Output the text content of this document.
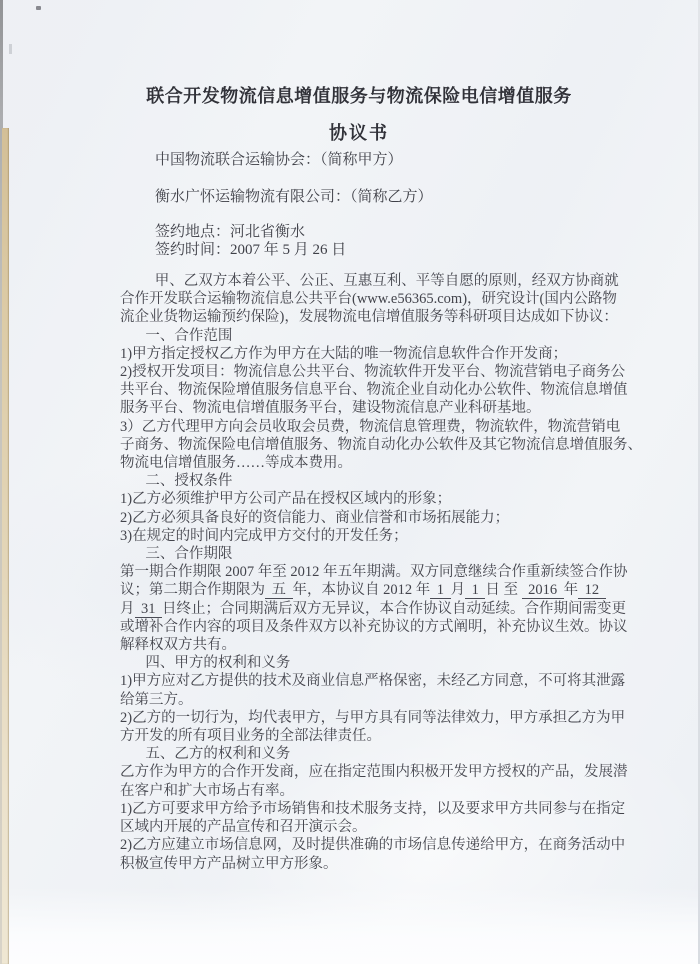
联合开发物流信息增值服务与物流保险电信增值服务
协议书
中国物流联合运输协会：（简称甲方）
衡水广怀运输物流有限公司：（简称乙方）
签约地点：河北省衡水
签约时间：2007 年 5 月 26 日
甲、乙双方本着公平、公正、互惠互利、平等自愿的原则，经双方协商就
合作开发联合运输物流信息公共平台(www.e56365.com)，研究设计(国内公路物
流企业货物运输预约保险)，发展物流电信增值服务等科研项目达成如下协议：
一、合作范围
1)甲方指定授权乙方作为甲方在大陆的唯一物流信息软件合作开发商；
2)授权开发项目：物流信息公共平台、物流软件开发平台、物流营销电子商务公
共平台、物流保险增值服务信息平台、物流企业自动化办公软件、物流信息增值
服务平台、物流电信增值服务平台，建设物流信息产业科研基地。
3）乙方代理甲方向会员收取会员费，物流信息管理费，物流软件，物流营销电
子商务、物流保险电信增值服务、物流自动化办公软件及其它物流信息增值服务、
物流电信增值服务……等成本费用。
二、授权条件
1)乙方必须维护甲方公司产品在授权区域内的形象；
2)乙方必须具备良好的资信能力、商业信誉和市场拓展能力；
3)在规定的时间内完成甲方交付的开发任务；
三、合作期限
第一期合作期限 2007 年至 2012 年五年期满。双方同意继续合作重新续签合作协
议；第二期合作期限为 五 年，本协议自 2012 年 1 月 1 日 至 2016 年 12
月 31 日终止；合同期满后双方无异议，本合作协议自动延续。合作期间需变更
或增补合作内容的项目及条件双方以补充协议的方式阐明，补充协议生效。协议
解释权双方共有。
四、甲方的权利和义务
1)甲方应对乙方提供的技术及商业信息严格保密，未经乙方同意，不可将其泄露
给第三方。
2)乙方的一切行为，均代表甲方，与甲方具有同等法律效力，甲方承担乙方为甲
方开发的所有项目业务的全部法律责任。
五、乙方的权利和义务
乙方作为甲方的合作开发商，应在指定范围内积极开发甲方授权的产品，发展潜
在客户和扩大市场占有率。
1)乙方可要求甲方给予市场销售和技术服务支持，以及要求甲方共同参与在指定
区域内开展的产品宣传和召开演示会。
2)乙方应建立市场信息网，及时提供准确的市场信息传递给甲方，在商务活动中
积极宣传甲方产品树立甲方形象。
